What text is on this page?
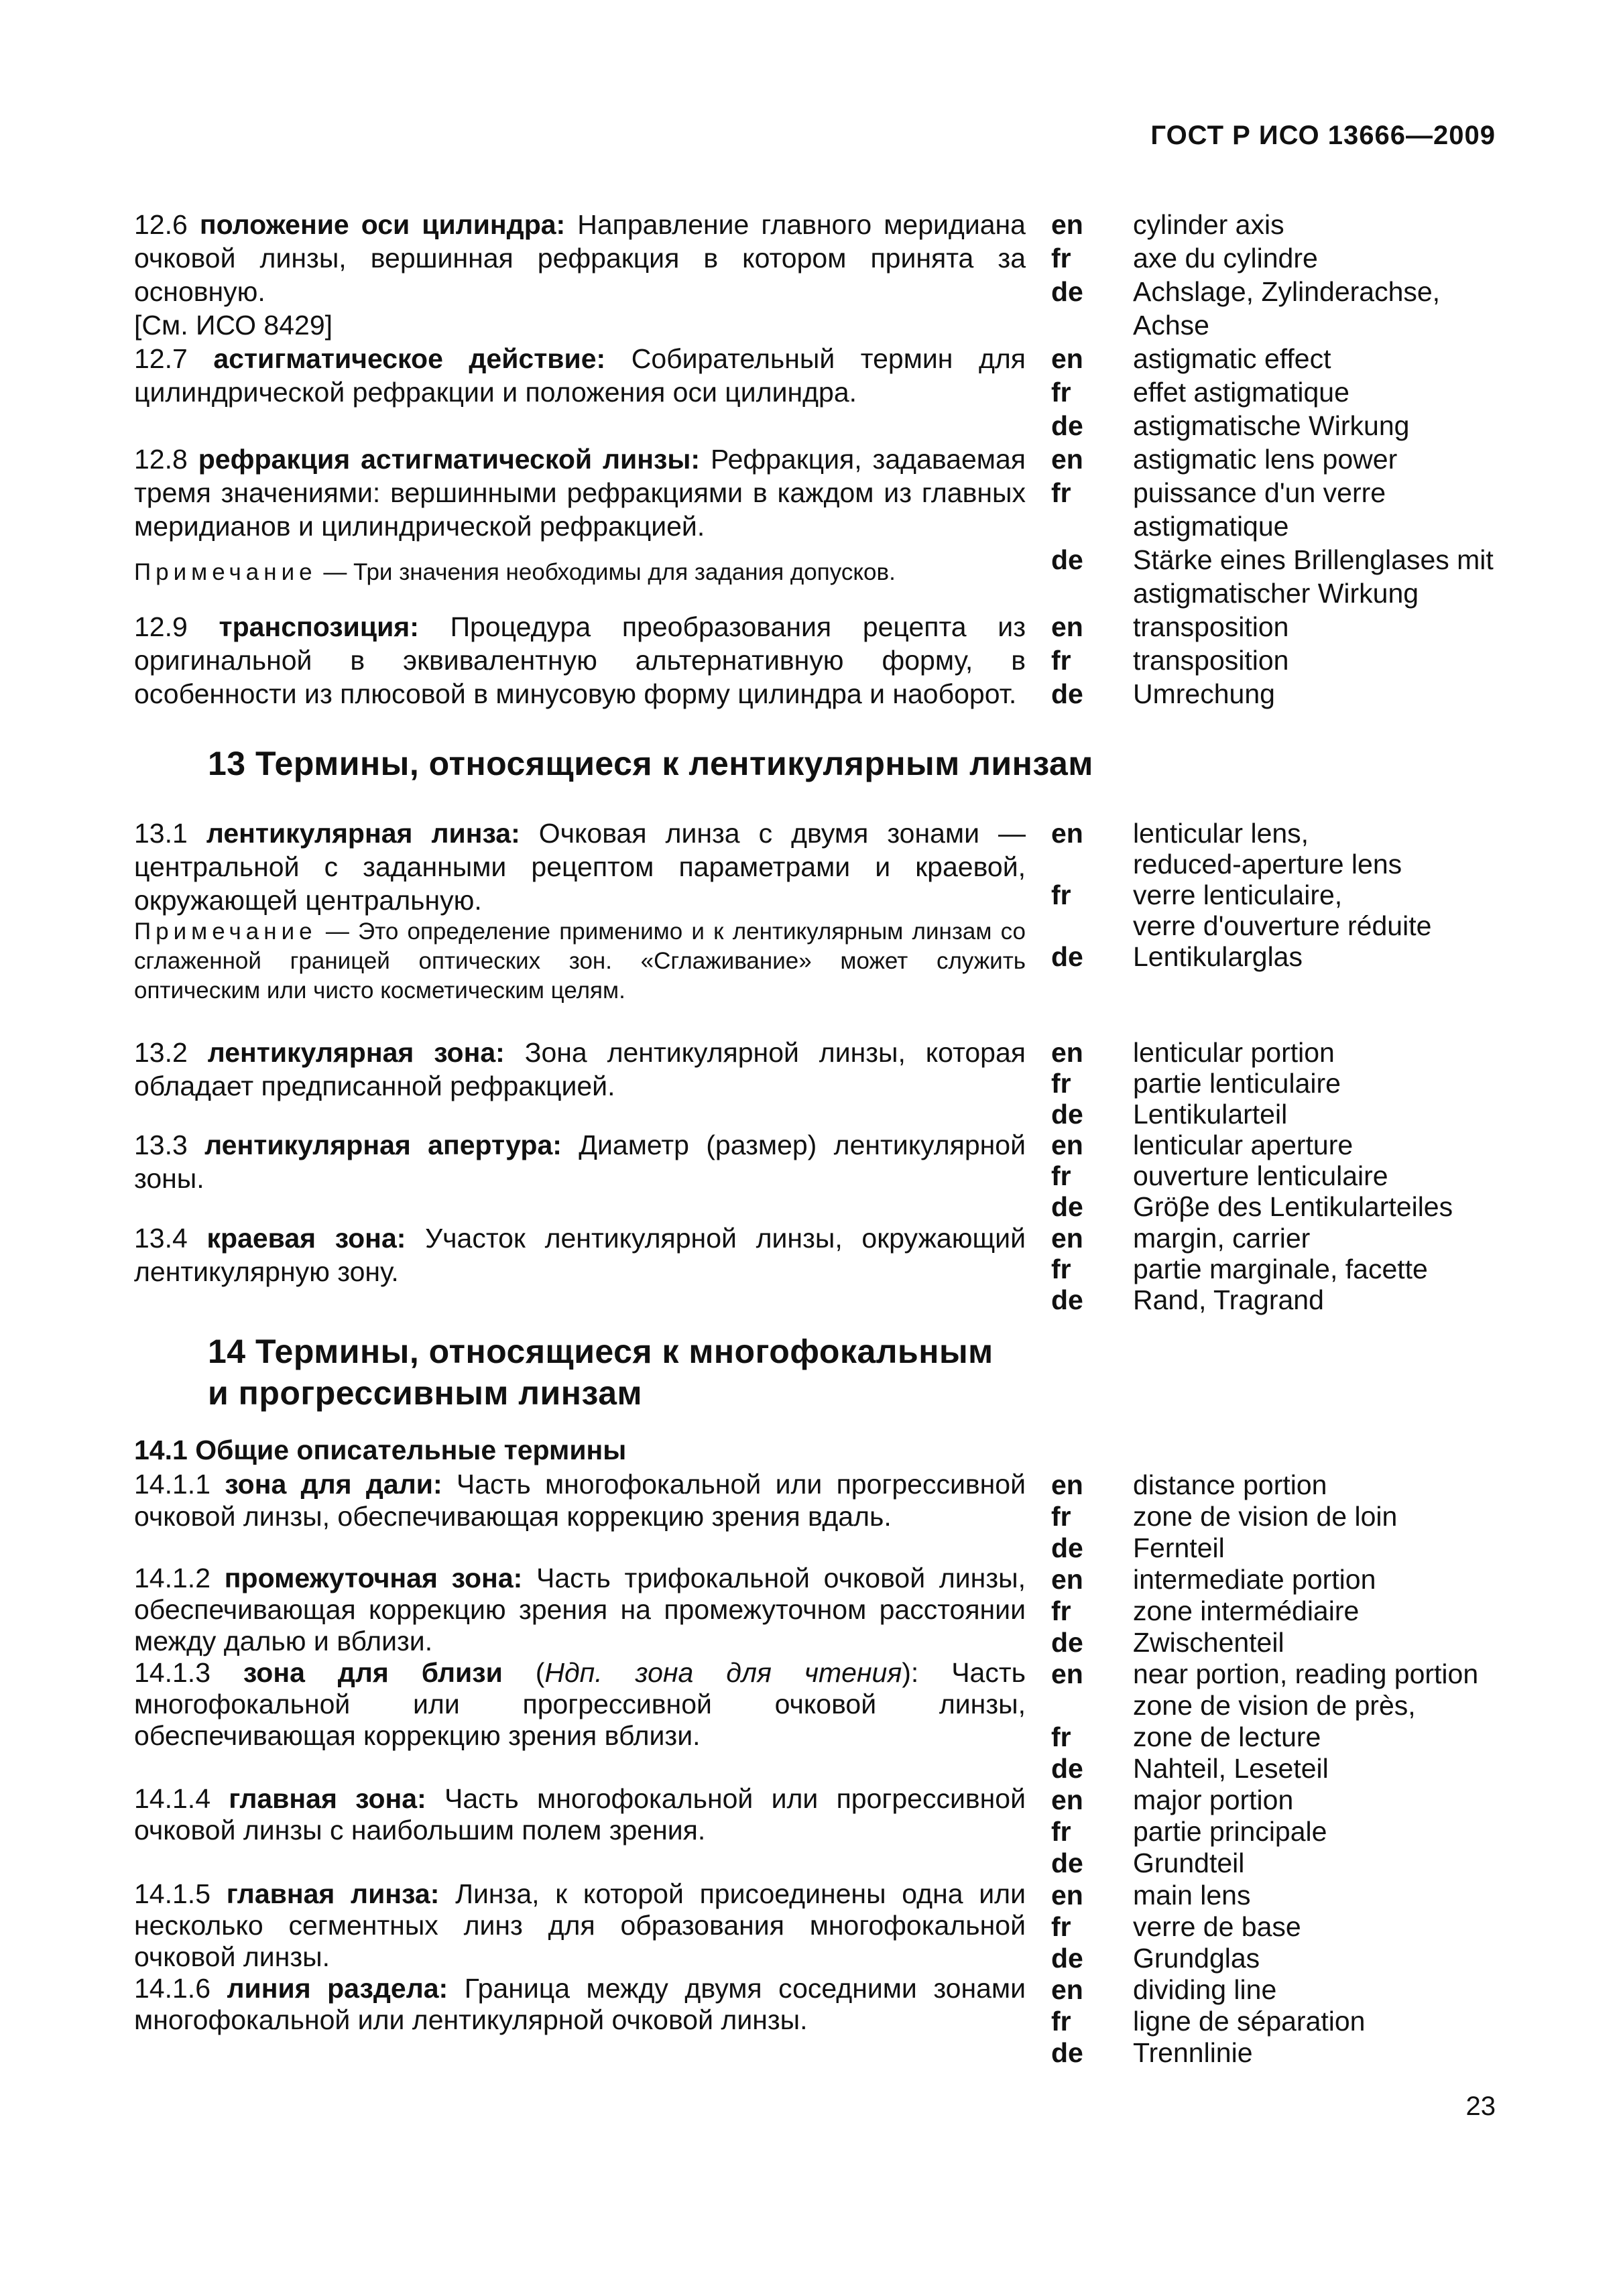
ГОСТ Р ИСО 13666—2009

12.6 положение оси цилиндра: Направление главного меридиана очковой линзы, вершинная рефракция в котором принята за основную.

[См. ИСО 8429]

en	cylinder axis
fr	axe du cylindre
de	Achslage, Zylinderachse,
Achse

12.7 астигматическое действие: Собирательный термин для цилиндрической рефракции и положения оси цилиндра.

en	astigmatic effect
fr	effet astigmatique
de	astigmatische Wirkung

12.8 рефракция астигматической линзы: Рефракция, задаваемая тремя значениями: вершинными рефракциями в каждом из главных меридианов и цилиндрической рефракцией.

Примечание — Три значения необходимы для задания допусков.

en	astigmatic lens power
fr	puissance d'un verre
astigmatique
de	Stärke eines Brillenglases mit
astigmatischer Wirkung

12.9 транспозиция: Процедура преобразования рецепта из оригинальной в эквивалентную альтернативную форму, в особенности из плюсовой в минусовую форму цилиндра и наоборот.

en	transposition
fr	transposition
de	Umrechung
13 Термины, относящиеся к лентикулярным линзам

13.1 лентикулярная линза: Очковая линза с двумя зонами — центральной с заданными рецептом параметрами и краевой, окружающей центральную.

Примечание — Это определение применимо и к лентикулярным линзам со сглаженной границей оптических зон. «Сглаживание» может служить оптическим или чисто косметическим целям.

en	lenticular lens,
reduced-aperture lens
fr	verre lenticulaire,
verre d'ouverture réduite
de	Lentikularglas

13.2 лентикулярная зона: Зона лентикулярной линзы, которая обладает предписанной рефракцией.

en	lenticular portion
fr	partie lenticulaire
de	Lentikularteil

13.3 лентикулярная апертура: Диаметр (размер) лентикулярной зоны.

en	lenticular aperture
fr	ouverture lenticulaire
de	Gröβe des Lentikularteiles

13.4 краевая зона: Участок лентикулярной линзы, окружающий лентикулярную зону.

en	margin, carrier
fr	partie marginale, facette
de	Rand, Tragrand
14 Термины, относящиеся к многофокальным
и прогрессивным линзам
14.1 Общие описательные термины

14.1.1 зона для дали: Часть многофокальной или прогрессивной очковой линзы, обеспечивающая коррекцию зрения вдаль.

en	distance portion
fr	zone de vision de loin
de	Fernteil

14.1.2 промежуточная зона: Часть трифокальной очковой линзы, обеспечивающая коррекцию зрения на промежуточном расстоянии между далью и вблизи.

en	intermediate portion
fr	zone intermédiaire
de	Zwischenteil

14.1.3 зона для близи (Ндп. зона для чтения): Часть многофокальной или прогрессивной очковой линзы, обеспечивающая коррекцию зрения вблизи.

en	near portion, reading portion
zone de vision de près,
fr	zone de lecture
de	Nahteil, Leseteil

14.1.4 главная зона: Часть многофокальной или прогрессивной очковой линзы с наибольшим полем зрения.

en	major portion
fr	partie principale
de	Grundteil

14.1.5 главная линза: Линза, к которой присоединены одна или несколько сегментных линз для образования многофокальной очковой линзы.

en	main lens
fr	verre de base
de	Grundglas

14.1.6 линия раздела: Граница между двумя соседними зонами многофокальной или лентикулярной очковой линзы.

en	dividing line
fr	ligne de séparation
de	Trennlinie
23
